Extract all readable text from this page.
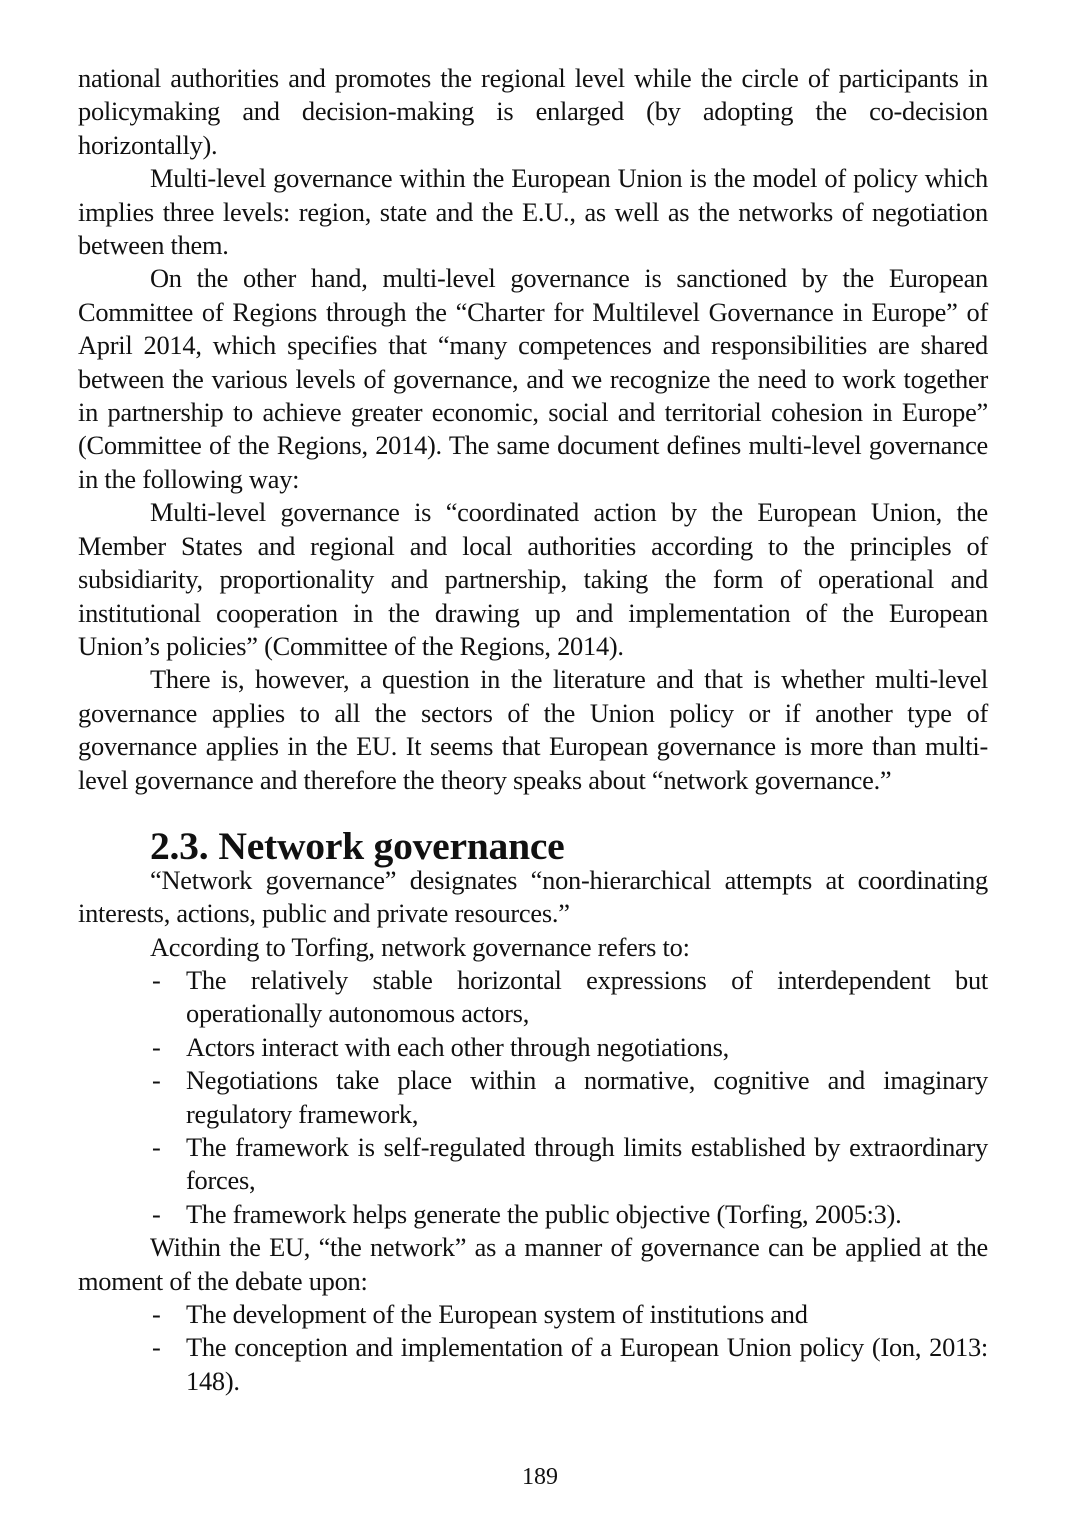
national authorities and promotes the regional level while the circle of participants in policymaking and decision-making is enlarged (by adopting the co-decision horizontally).

Multi-level governance within the European Union is the model of policy which implies three levels: region, state and the E.U., as well as the networks of negotiation between them.

On the other hand, multi-level governance is sanctioned by the European Committee of Regions through the “Charter for Multilevel Governance in Europe” of April 2014, which specifies that “many competences and responsibilities are shared between the various levels of governance, and we recognize the need to work together in partnership to achieve greater economic, social and territorial cohesion in Europe” (Committee of the Regions, 2014). The same document defines multi-level governance in the following way:

Multi-level governance is “coordinated action by the European Union, the Member States and regional and local authorities according to the principles of subsidiarity, proportionality and partnership, taking the form of operational and institutional cooperation in the drawing up and implementation of the European Union’s policies” (Committee of the Regions, 2014).

There is, however, a question in the literature and that is whether multi-level governance applies to all the sectors of the Union policy or if another type of governance applies in the EU. It seems that European governance is more than multi-level governance and therefore the theory speaks about “network governance.”

2.3. Network governance

“Network governance” designates “non-hierarchical attempts at coordinating interests, actions, public and private resources.”

According to Torfing, network governance refers to:

- The relatively stable horizontal expressions of interdependent but operationally autonomous actors,
- Actors interact with each other through negotiations,
- Negotiations take place within a normative, cognitive and imaginary regulatory framework,
- The framework is self-regulated through limits established by extraordinary forces,
- The framework helps generate the public objective (Torfing, 2005:3).

Within the EU, “the network” as a manner of governance can be applied at the moment of the debate upon:

- The development of the European system of institutions and
- The conception and implementation of a European Union policy (Ion, 2013: 148).
189
